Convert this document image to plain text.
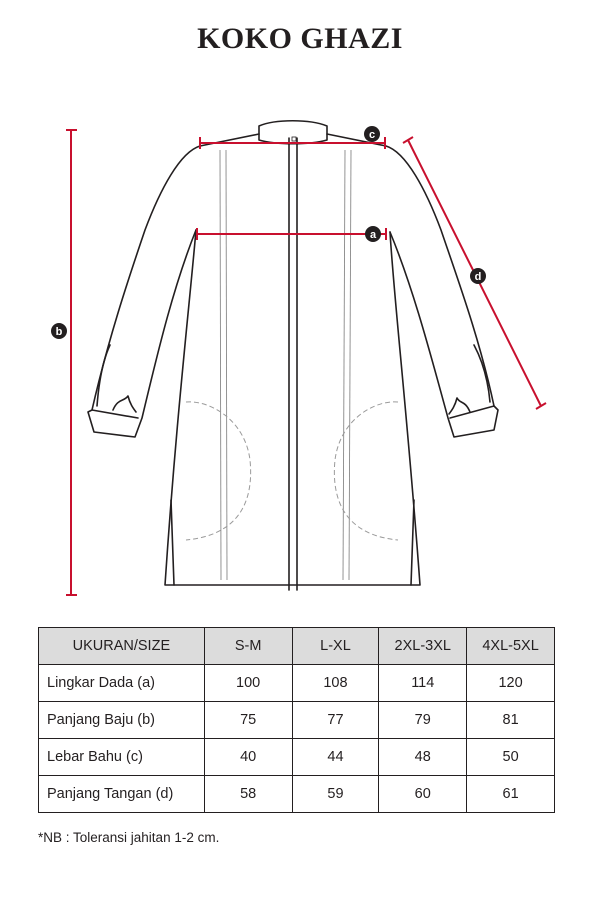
KOKO GHAZI
c
a
b
d
UKURAN/SIZE	S-M	L-XL	2XL-3XL	4XL-5XL
Lingkar Dada (a)	100	108	114	120
Panjang Baju (b)	75	77	79	81
Lebar Bahu (c)	40	44	48	50
Panjang Tangan (d)	58	59	60	61
*NB : Toleransi jahitan 1-2 cm.
